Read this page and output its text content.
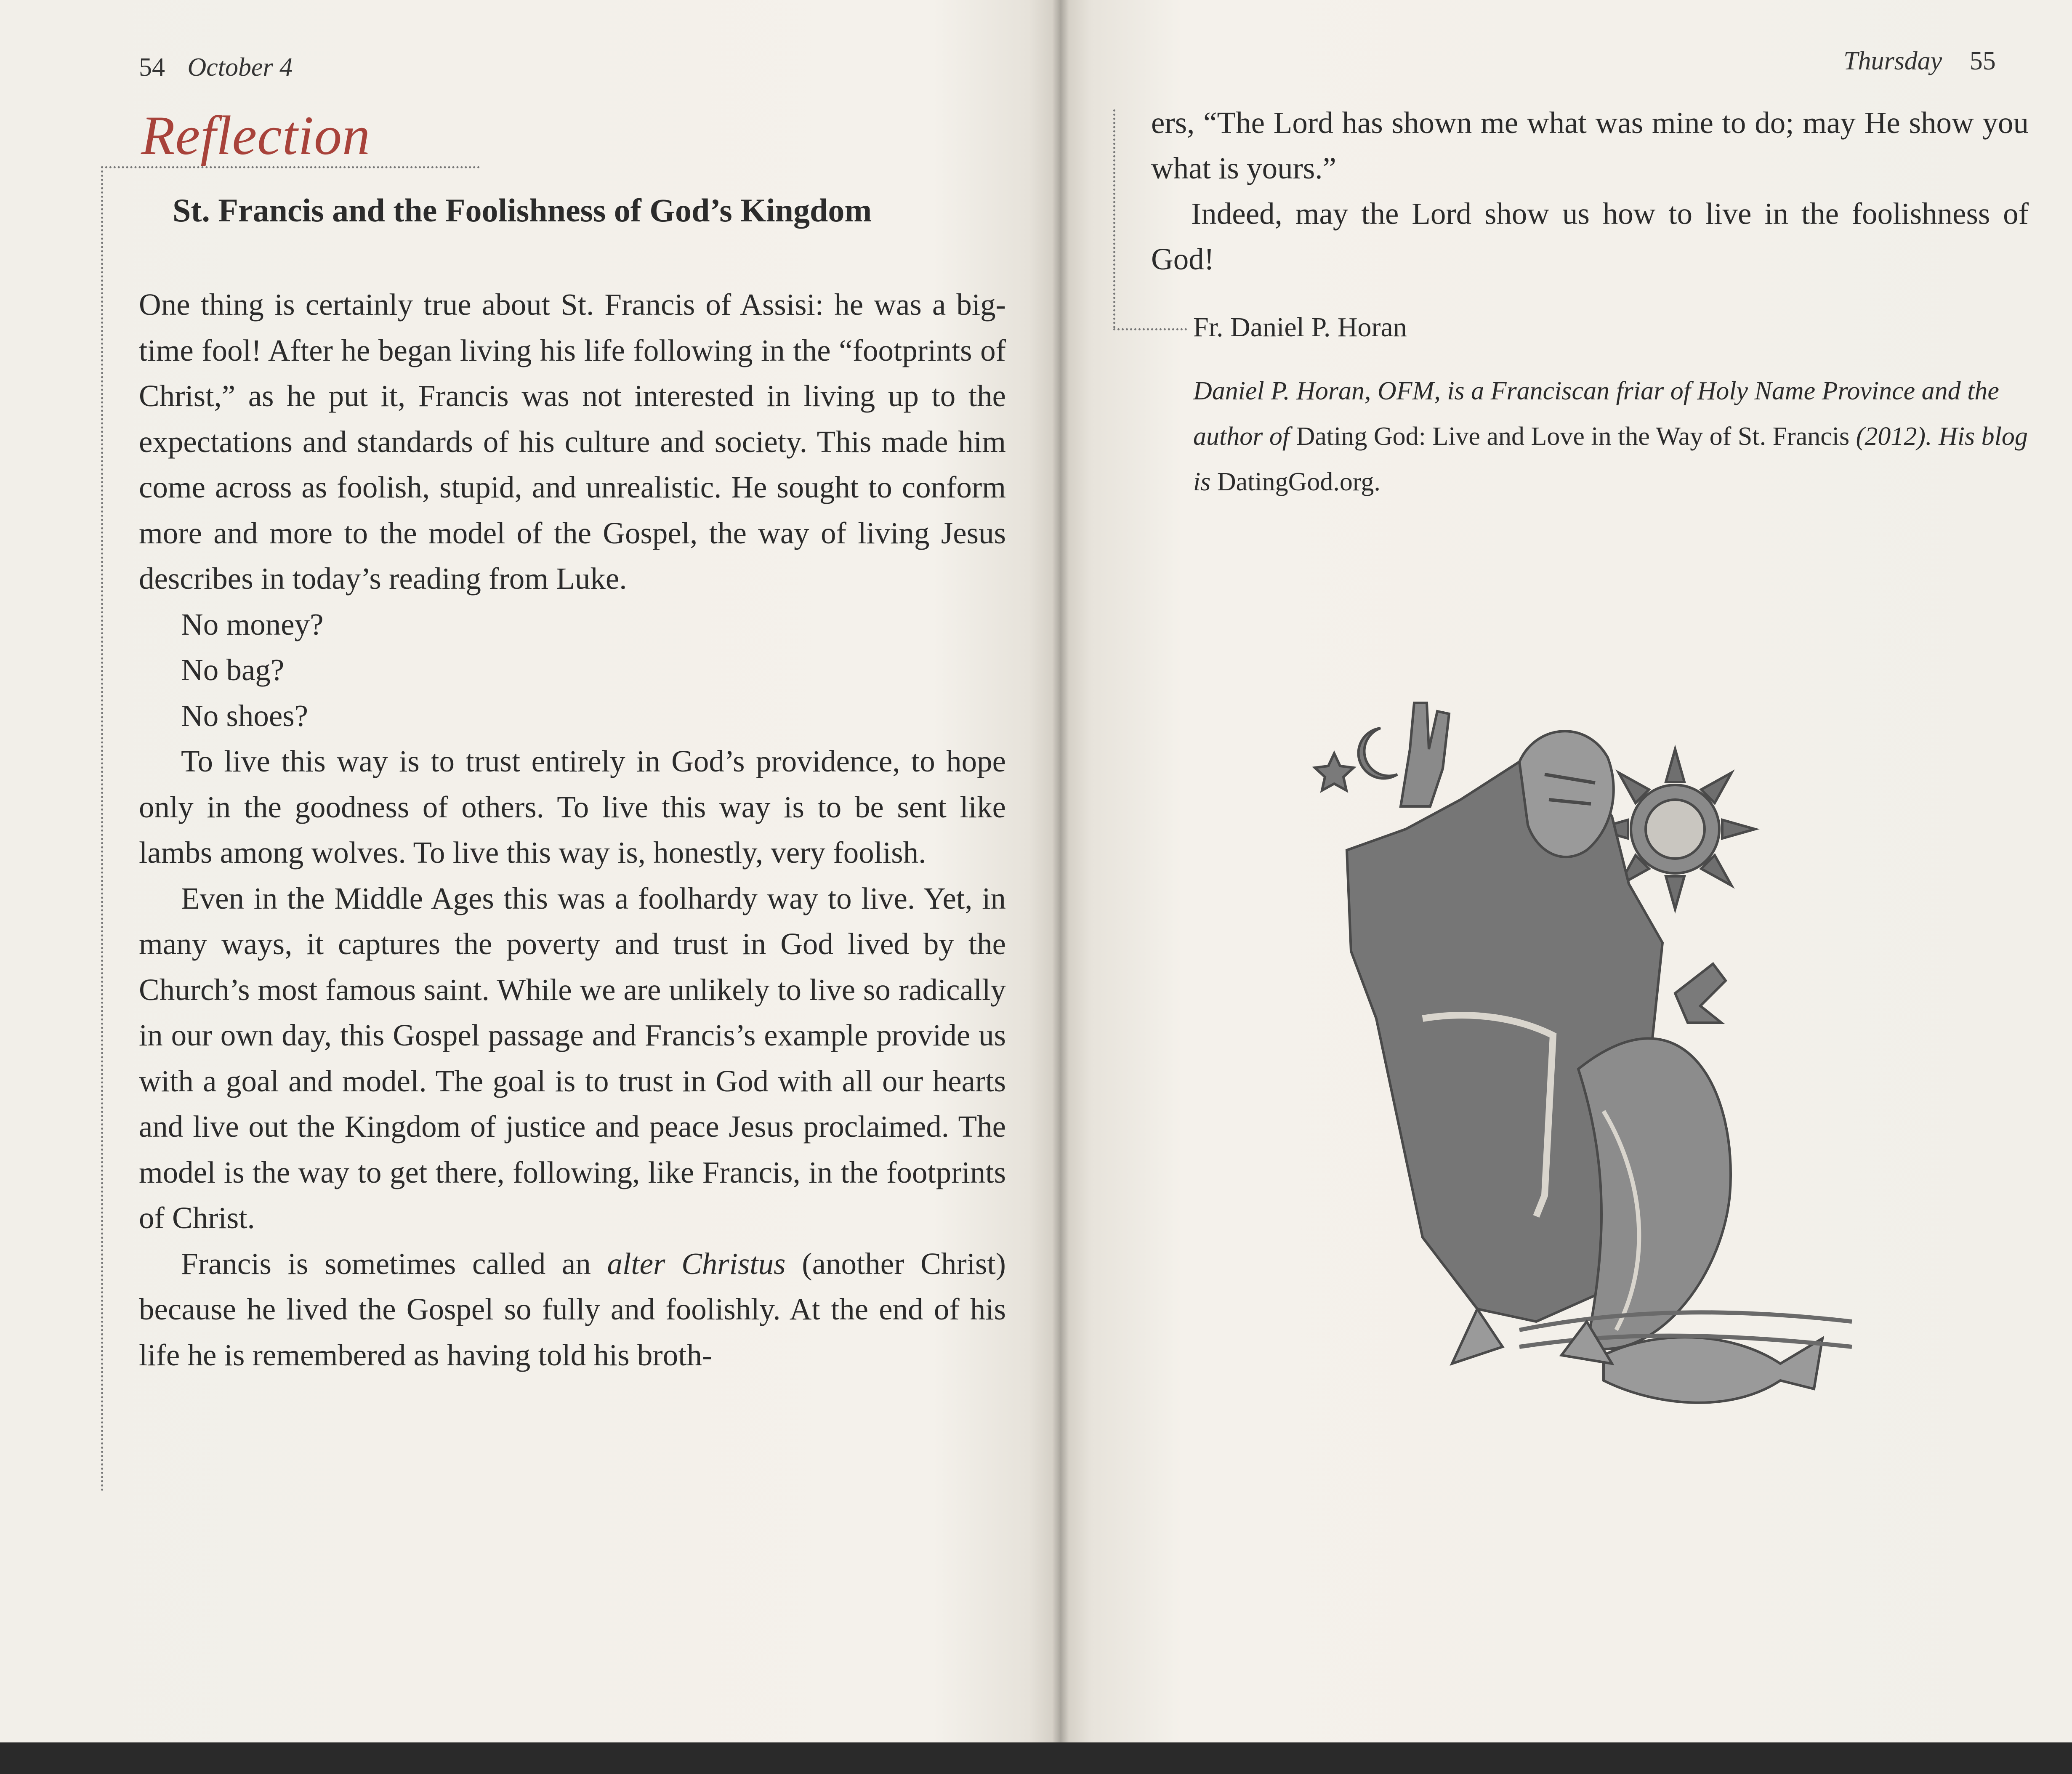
54 October 4
Reflection
St. Francis and the Foolishness of God’s Kingdom

One thing is certainly true about St. Francis of Assisi: he was a big-time fool! After he began living his life following in the “footprints of Christ,” as he put it, Francis was not interested in living up to the expectations and standards of his culture and society. This made him come across as foolish, stupid, and unrealistic. He sought to conform more and more to the model of the Gospel, the way of living Jesus describes in today’s reading from Luke.

No money?

No bag?

No shoes?

To live this way is to trust entirely in God’s providence, to hope only in the goodness of others. To live this way is to be sent like lambs among wolves. To live this way is, honestly, very foolish.

Even in the Middle Ages this was a foolhardy way to live. Yet, in many ways, it captures the poverty and trust in God lived by the Church’s most famous saint. While we are unlikely to live so radically in our own day, this Gospel passage and Francis’s example provide us with a goal and model. The goal is to trust in God with all our hearts and live out the Kingdom of justice and peace Jesus proclaimed. The model is the way to get there, following, like Francis, in the footprints of Christ.

Francis is sometimes called an alter Christus (another Christ) because he lived the Gospel so fully and foolishly. At the end of his life he is remembered as having told his broth-

Thursday 55

ers, “The Lord has shown me what was mine to do; may He show you what is yours.”

Indeed, may the Lord show us how to live in the foolishness of God!

Fr. Daniel P. Horan
Daniel P. Horan, OFM, is a Franciscan friar of Holy Name Province and the author of Dating God: Live and Love in the Way of St. Francis (2012). His blog is DatingGod.org.
